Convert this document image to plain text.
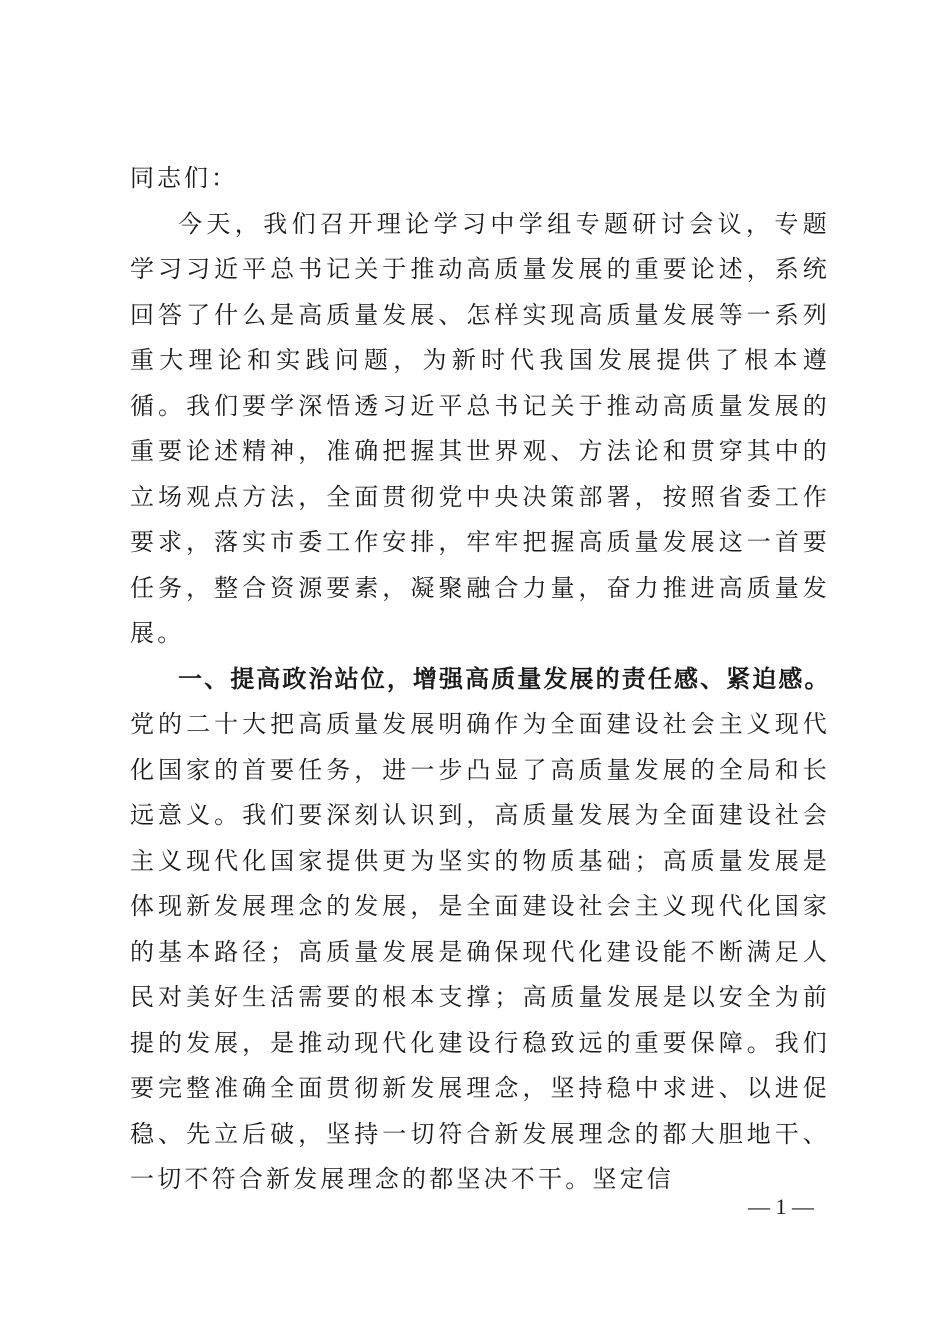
同志们：

今天，我们召开理论学习中学组专题研讨会议，专题学习习近平总书记关于推动高质量发展的重要论述，系统回答了什么是高质量发展、怎样实现高质量发展等一系列重大理论和实践问题，为新时代我国发展提供了根本遵循。我们要学深悟透习近平总书记关于推动高质量发展的重要论述精神，准确把握其世界观、方法论和贯穿其中的立场观点方法，全面贯彻党中央决策部署，按照省委工作要求，落实市委工作安排，牢牢把握高质量发展这一首要任务，整合资源要素，凝聚融合力量，奋力推进高质量发展。

一、提高政治站位，增强高质量发展的责任感、紧迫感。党的二十大把高质量发展明确作为全面建设社会主义现代化国家的首要任务，进一步凸显了高质量发展的全局和长远意义。我们要深刻认识到，高质量发展为全面建设社会主义现代化国家提供更为坚实的物质基础；高质量发展是体现新发展理念的发展，是全面建设社会主义现代化国家的基本路径；高质量发展是确保现代化建设能不断满足人民对美好生活需要的根本支撑；高质量发展是以安全为前提的发展，是推动现代化建设行稳致远的重要保障。我们要完整准确全面贯彻新发展理念，坚持稳中求进、以进促稳、先立后破，坚持一切符合新发展理念的都大胆地干、一切不符合新发展理念的都坚决不干。坚定信

— 1 —
